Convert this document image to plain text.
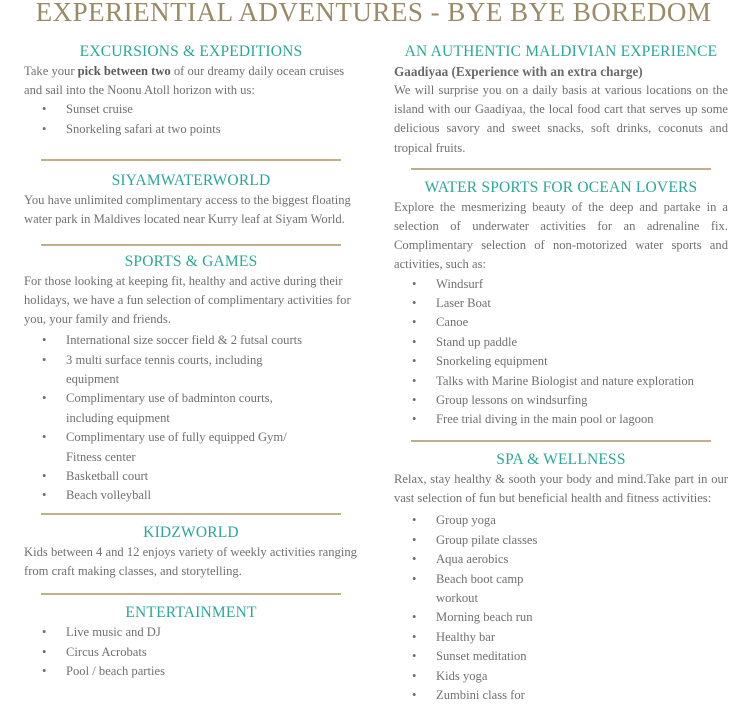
EXPERIENTIAL ADVENTURES - BYE BYE BOREDOM
EXCURSIONS & EXPEDITIONS

Take your pick between two of our dreamy daily ocean cruises and sail into the Noonu Atoll horizon with us:

• Sunset cruise
• Snorkeling safari at two points
SIYAMWATERWORLD

You have unlimited complimentary access to the biggest floating water park in Maldives located near Kurry leaf at Siyam World.

SPORTS & GAMES

For those looking at keeping fit, healthy and active during their holidays, we have a fun selection of complimentary activities for you, your family and friends.

• International size soccer field & 2 futsal courts
• 3 multi surface tennis courts, including equipment
• Complimentary use of badminton courts, including equipment
• Complimentary use of fully equipped Gym/ Fitness center
• Basketball court
• Beach volleyball
KIDZWORLD

Kids between 4 and 12 enjoys variety of weekly activities ranging from craft making classes, and storytelling.

ENTERTAINMENT
• Live music and DJ
• Circus Acrobats
• Pool / beach parties
AN AUTHENTIC MALDIVIAN EXPERIENCE

Gaadiyaa (Experience with an extra charge)

We will surprise you on a daily basis at various locations on the island with our Gaadiyaa, the local food cart that serves up some delicious savory and sweet snacks, soft drinks, coconuts and tropical fruits.

WATER SPORTS FOR OCEAN LOVERS

Explore the mesmerizing beauty of the deep and partake in a selection of underwater activities for an adrenaline fix. Complimentary selection of non-motorized water sports and activities, such as:

• Windsurf
• Laser Boat
• Canoe
• Stand up paddle
• Snorkeling equipment
• Talks with Marine Biologist and nature exploration
• Group lessons on windsurfing
• Free trial diving in the main pool or lagoon
SPA & WELLNESS

Relax, stay healthy & sooth your body and mind.Take part in our vast selection of fun but beneficial health and fitness activities:

• Group yoga
• Group pilate classes
• Aqua aerobics
• Beach boot camp workout
• Morning beach run
• Healthy bar
• Sunset meditation
• Kids yoga
• Zumbini class for
